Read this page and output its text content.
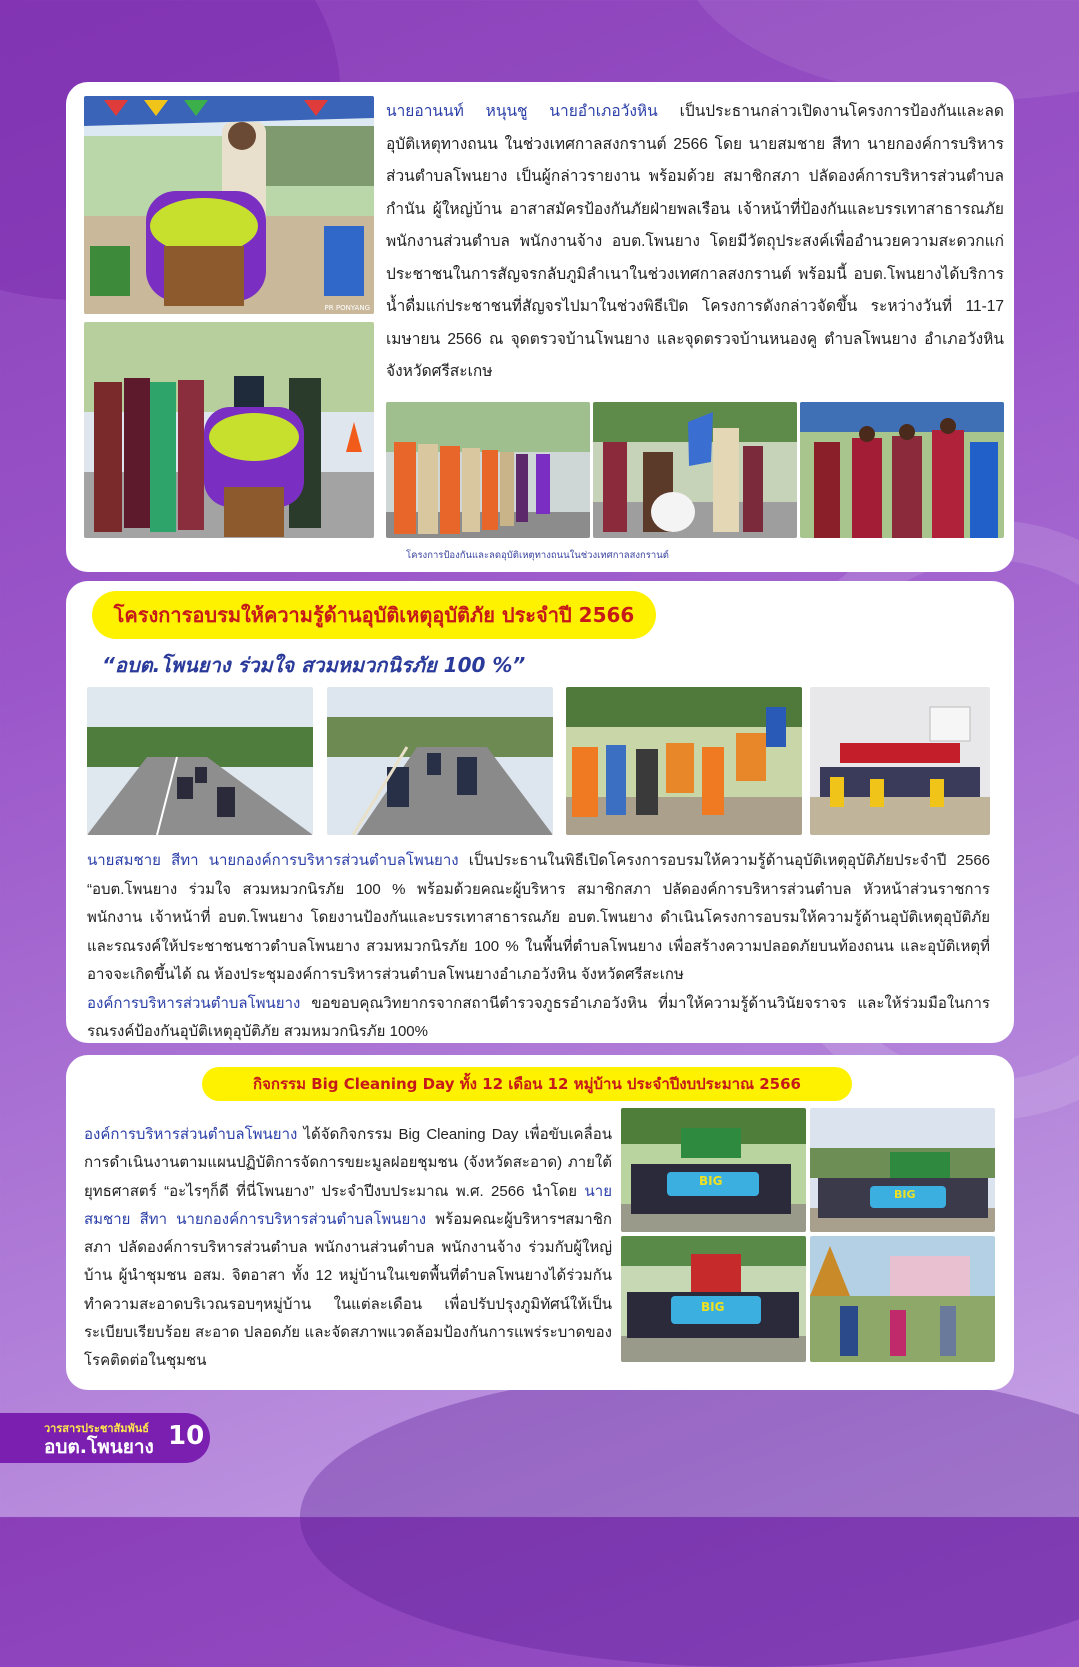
PR PONYANG

นายอานนท์ หนุนชู นายอำเภอวังหิน เป็นประธานกล่าวเปิดงานโครงการป้องกันและลดอุบัติเหตุทางถนน ในช่วงเทศกาลสงกรานต์ 2566 โดย นายสมชาย สีทา นายกองค์การบริหารส่วนตำบลโพนยาง เป็นผู้กล่าวรายงาน พร้อมด้วย สมาชิกสภา ปลัดองค์การบริหารส่วนตำบล กำนัน ผู้ใหญ่บ้าน อาสาสมัครป้องกันภัยฝ่ายพลเรือน เจ้าหน้าที่ป้องกันและบรรเทาสาธารณภัย พนักงานส่วนตำบล พนักงานจ้าง อบต.โพนยาง โดยมีวัตถุประสงค์เพื่ออำนวยความสะดวกแก่ประชาชนในการสัญจรกลับภูมิลำเนาในช่วงเทศกาลสงกรานต์ พร้อมนี้ อบต.โพนยางได้บริการน้ำดื่มแก่ประชาชนที่สัญจรไปมาในช่วงพิธีเปิด โครงการดังกล่าวจัดขึ้น ระหว่างวันที่ 11-17 เมษายน 2566 ณ จุดตรวจบ้านโพนยาง และจุดตรวจบ้านหนองคู ตำบลโพนยาง อำเภอวังหิน จังหวัดศรีสะเกษ

โครงการป้องกันและลดอุบัติเหตุทางถนนในช่วงเทศกาลสงกรานต์
โครงการอบรมให้ความรู้ด้านอุบัติเหตุอุบัติภัย ประจำปี 2566
“อบต.โพนยาง ร่วมใจ สวมหมวกนิรภัย 100 %”

นายสมชาย สีทา นายกองค์การบริหารส่วนตำบลโพนยาง เป็นประธานในพิธีเปิดโครงการอบรมให้ความรู้ด้านอุบัติเหตุอุบัติภัยประจำปี 2566 “อบต.โพนยาง ร่วมใจ สวมหมวกนิรภัย 100 % พร้อมด้วยคณะผู้บริหาร สมาชิกสภา ปลัดองค์การบริหารส่วนตำบล หัวหน้าส่วนราชการ พนักงาน เจ้าหน้าที่ อบต.โพนยาง โดยงานป้องกันและบรรเทาสาธารณภัย อบต.โพนยาง ดำเนินโครงการอบรมให้ความรู้ด้านอุบัติเหตุอุบัติภัย และรณรงค์ให้ประชาชนชาวตำบลโพนยาง สวมหมวกนิรภัย 100 % ในพื้นที่ตำบลโพนยาง เพื่อสร้างความปลอดภัยบนท้องถนน และอุบัติเหตุที่อาจจะเกิดขึ้นได้ ณ ห้องประชุมองค์การบริหารส่วนตำบลโพนยางอำเภอวังหิน จังหวัดศรีสะเกษ
องค์การบริหารส่วนตำบลโพนยาง ขอขอบคุณวิทยากรจากสถานีตำรวจภูธรอำเภอวังหิน ที่มาให้ความรู้ด้านวินัยจราจร และให้ร่วมมือในการรณรงค์ป้องกันอุบัติเหตุอุบัติภัย สวมหมวกนิรภัย 100%

กิจกรรม Big Cleaning Day ทั้ง 12 เดือน 12 หมู่บ้าน ประจำปีงบประมาณ 2566

องค์การบริหารส่วนตำบลโพนยาง ได้จัดกิจกรรม Big Cleaning Day เพื่อขับเคลื่อนการดำเนินงานตามแผนปฏิบัติการจัดการขยะมูลฝอยชุมชน (จังหวัดสะอาด) ภายใต้ยุทธศาสตร์ “อะไรๆก็ดี ที่นี่โพนยาง” ประจำปีงบประมาณ พ.ศ. 2566 นำโดย นายสมชาย สีทา นายกองค์การบริหารส่วนตำบลโพนยาง พร้อมคณะผู้บริหารฯสมาชิกสภา ปลัดองค์การบริหารส่วนตำบล พนักงานส่วนตำบล พนักงานจ้าง ร่วมกับผู้ใหญ่บ้าน ผู้นำชุมชน อสม. จิตอาสา ทั้ง 12 หมู่บ้านในเขตพื้นที่ตำบลโพนยางได้ร่วมกันทำความสะอาดบริเวณรอบๆหมู่บ้าน ในแต่ละเดือน เพื่อปรับปรุงภูมิทัศน์ให้เป็นระเบียบเรียบร้อย สะอาด ปลอดภัย และจัดสภาพแวดล้อมป้องกันการแพร่ระบาดของโรคติดต่อในชุมชน

BIG
BIG
BIG
วารสารประชาสัมพันธ์
อบต.โพนยาง 10
